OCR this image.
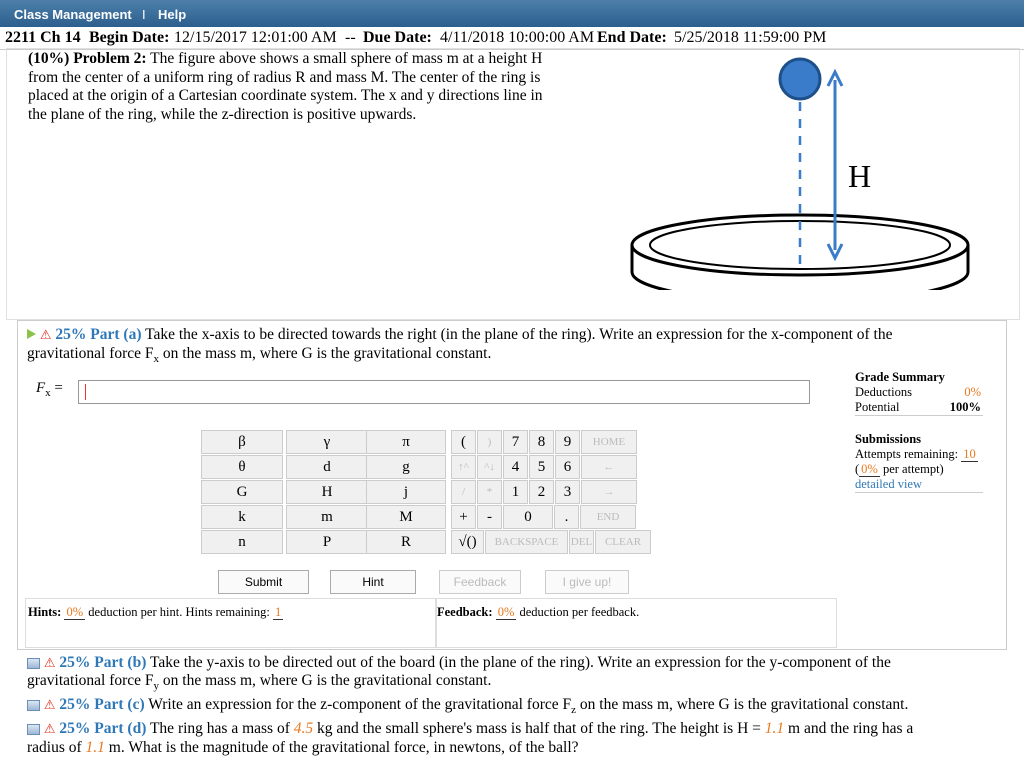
Class Management I Help
2211 Ch 14 Begin Date: 12/15/2017 12:01:00 AM -- Due Date: 4/11/2018 10:00:00 AM End Date: 5/25/2018 11:59:00 PM
(10%) Problem 2: The figure above shows a small sphere of mass m at a height H
from the center of a uniform ring of radius R and mass M. The center of the ring is
placed at the origin of a Cartesian coordinate system. The x and y directions line in
the plane of the ring, while the z-direction is positive upwards.
H
⚠ 25% Part (a) Take the x-axis to be directed towards the right (in the plane of the ring). Write an expression for the x-component of the
gravitational force $F_x$ on the mass m, where G is the gravitational constant.
$F_x$ =
Grade Summary
Deductions	0%
Potential	100%
Submissions
Attempts remaining: 10
( 0% per attempt)
detailed view
β	γ	π
θ	d	g
G	H	j
k	m	M
n	P	R
(	)	7	8	9	HOME
↑^	^↓	4	5	6	←
/	*	1	2	3	→
+	-	0	.	END
√()	BACKSPACE	DEL	CLEAR
Submit	Hint	Feedback	I give up!
Hints: 0% deduction per hint. Hints remaining: 1	Feedback: 0% deduction per feedback.
⚠ 25% Part (b) Take the y-axis to be directed out of the board (in the plane of the ring). Write an expression for the y-component of the
gravitational force $F_y$ on the mass m, where G is the gravitational constant.
⚠ 25% Part (c) Write an expression for the z-component of the gravitational force $F_z$ on the mass m, where G is the gravitational constant.
⚠ 25% Part (d) The ring has a mass of 4.5 kg and the small sphere's mass is half that of the ring. The height is H = 1.1 m and the ring has a
radius of 1.1 m. What is the magnitude of the gravitational force, in newtons, of the ball?
